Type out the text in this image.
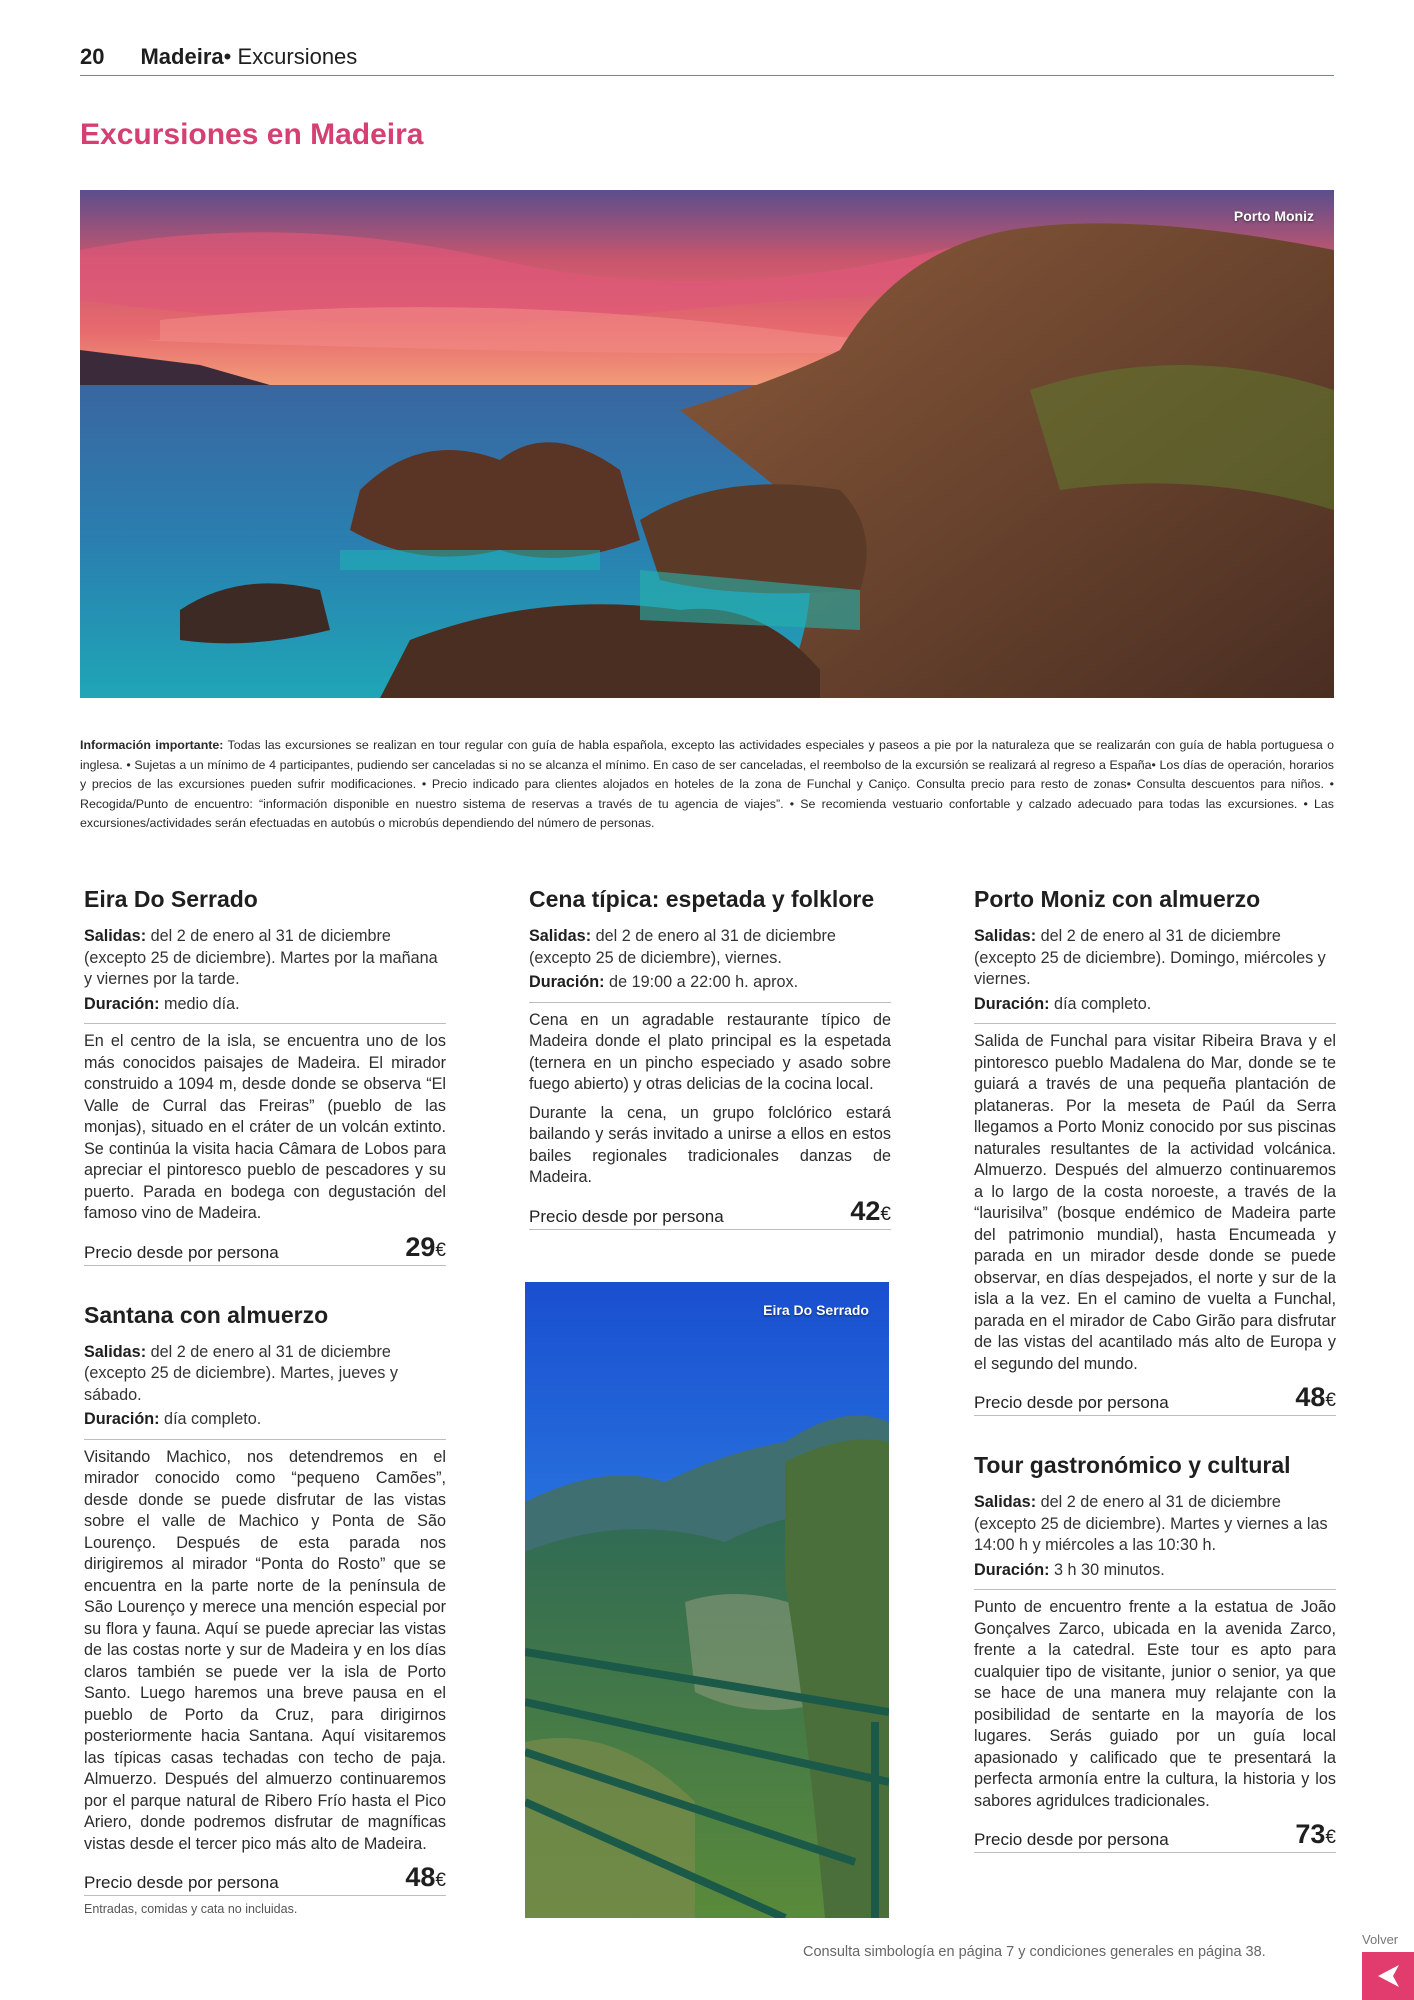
20 Madeira• Excursiones
Excursiones en Madeira
Porto Moniz
Información importante: Todas las excursiones se realizan en tour regular con guía de habla española, excepto las actividades especiales y paseos a pie por la naturaleza que se realizarán con guía de habla portuguesa o inglesa. • Sujetas a un mínimo de 4 participantes, pudiendo ser canceladas si no se alcanza el mínimo. En caso de ser canceladas, el reembolso de la excursión se realizará al regreso a España• Los días de operación, horarios y precios de las excursiones pueden sufrir modificaciones. • Precio indicado para clientes alojados en hoteles de la zona de Funchal y Caniço. Consulta precio para resto de zonas• Consulta descuentos para niños. • Recogida/Punto de encuentro: “información disponible en nuestro sistema de reservas a través de tu agencia de viajes”. • Se recomienda vestuario confortable y calzado adecuado para todas las excursiones. • Las excursiones/actividades serán efectuadas en autobús o microbús dependiendo del número de personas.
Eira Do Serrado

Salidas: del 2 de enero al 31 de diciembre (excepto 25 de diciembre). Martes por la mañana y viernes por la tarde.

Duración: medio día.

En el centro de la isla, se encuentra uno de los más conocidos paisajes de Madeira. El mirador construido a 1094 m, desde donde se observa “El Valle de Curral das Freiras” (pueblo de las monjas), situado en el cráter de un volcán extinto. Se continúa la visita hacia Câmara de Lobos para apreciar el pintoresco pueblo de pescadores y su puerto. Parada en bodega con degustación del famoso vino de Madeira.

Precio desde por persona	29€
Santana con almuerzo

Salidas: del 2 de enero al 31 de diciembre (excepto 25 de diciembre). Martes, jueves y sábado.

Duración: día completo.

Visitando Machico, nos detendremos en el mirador conocido como “pequeno Camões”, desde donde se puede disfrutar de las vistas sobre el valle de Machico y Ponta de São Lourenço. Después de esta parada nos dirigiremos al mirador “Ponta do Rosto” que se encuentra en la parte norte de la península de São Lourenço y merece una mención especial por su flora y fauna. Aquí se puede apreciar las vistas de las costas norte y sur de Madeira y en los días claros también se puede ver la isla de Porto Santo. Luego haremos una breve pausa en el pueblo de Porto da Cruz, para dirigirnos posteriormente hacia Santana. Aquí visitaremos las típicas casas techadas con techo de paja. Almuerzo. Después del almuerzo continuaremos por el parque natural de Ribero Frío hasta el Pico Ariero, donde podremos disfrutar de magníficas vistas desde el tercer pico más alto de Madeira.

Precio desde por persona	48€
Entradas, comidas y cata no incluidas.
Cena típica: espetada y folklore

Salidas: del 2 de enero al 31 de diciembre (excepto 25 de diciembre), viernes.

Duración: de 19:00 a 22:00 h. aprox.

Cena en un agradable restaurante típico de Madeira donde el plato principal es la espetada (ternera en un pincho especiado y asado sobre fuego abierto) y otras delicias de la cocina local.

Durante la cena, un grupo folclórico estará bailando y serás invitado a unirse a ellos en estos bailes regionales tradicionales danzas de Madeira.

Precio desde por persona	42€
Eira Do Serrado
Porto Moniz con almuerzo

Salidas: del 2 de enero al 31 de diciembre (excepto 25 de diciembre). Domingo, miércoles y viernes.

Duración: día completo.

Salida de Funchal para visitar Ribeira Brava y el pintoresco pueblo Madalena do Mar, donde se te guiará a través de una pequeña plantación de plataneras. Por la meseta de Paúl da Serra llegamos a Porto Moniz conocido por sus piscinas naturales resultantes de la actividad volcánica. Almuerzo. Después del almuerzo continuaremos a lo largo de la costa noroeste, a través de la “laurisilva” (bosque endémico de Madeira parte del patrimonio mundial), hasta Encumeada y parada en un mirador desde donde se puede observar, en días despejados, el norte y sur de la isla a la vez. En el camino de vuelta a Funchal, parada en el mirador de Cabo Girão para disfrutar de las vistas del acantilado más alto de Europa y el segundo del mundo.

Precio desde por persona	48€
Tour gastronómico y cultural

Salidas: del 2 de enero al 31 de diciembre (excepto 25 de diciembre). Martes y viernes a las 14:00 h y miércoles a las 10:30 h.

Duración: 3 h 30 minutos.

Punto de encuentro frente a la estatua de João Gonçalves Zarco, ubicada en la avenida Zarco, frente a la catedral. Este tour es apto para cualquier tipo de visitante, junior o senior, ya que se hace de una manera muy relajante con la posibilidad de sentarte en la mayoría de los lugares. Serás guiado por un guía local apasionado y calificado que te presentará la perfecta armonía entre la cultura, la historia y los sabores agridulces tradicionales.

Precio desde por persona	73€
Consulta simbología en página 7 y condiciones generales en página 38.
Volver
